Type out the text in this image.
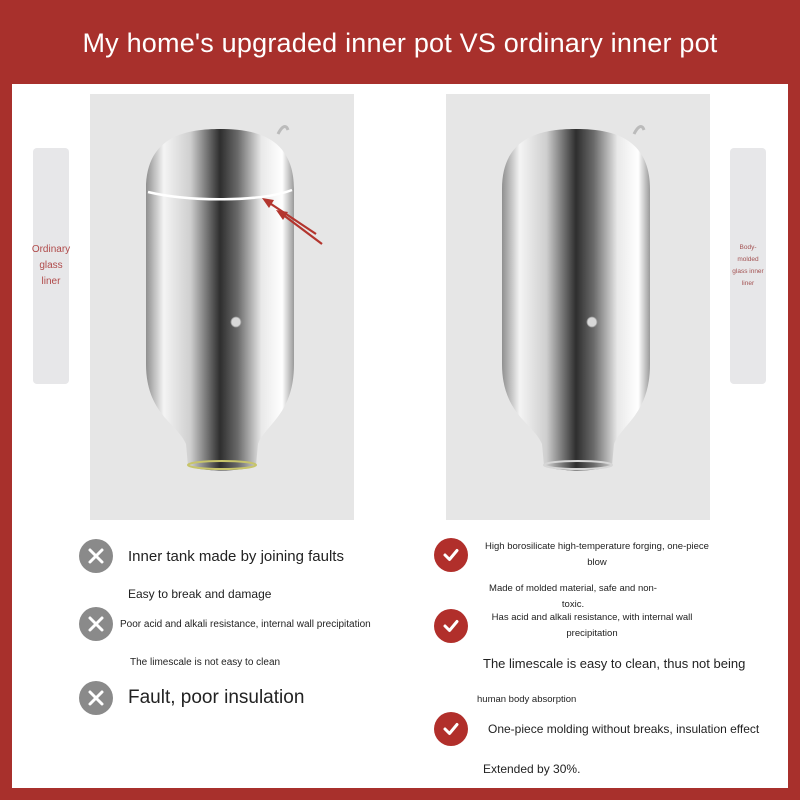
My home's upgraded inner pot VS ordinary inner pot
Ordinary glass liner
Body-molded glass inner liner
Inner tank made by joining faults
Easy to break and damage
Poor acid and alkali resistance, internal wall precipitation
The limescale is not easy to clean
Fault, poor insulation
High borosilicate high-temperature forging, one-piece blow
Made of molded material, safe and non-toxic.
Has acid and alkali resistance, with internal wall precipitation
The limescale is easy to clean, thus not being
human body absorption
One-piece molding without breaks, insulation effect
Extended by 30%.
